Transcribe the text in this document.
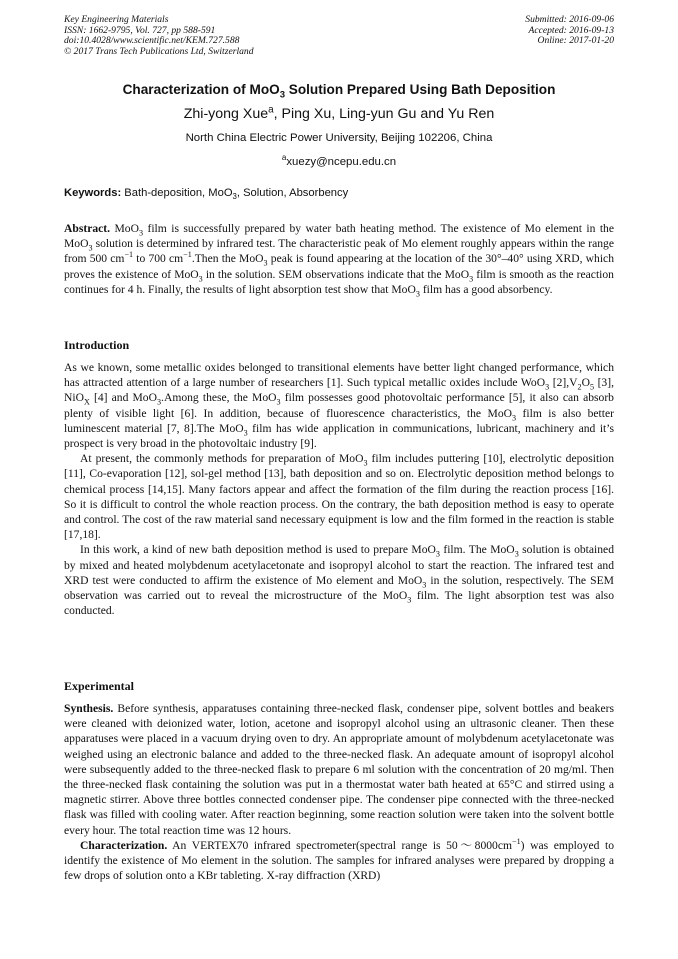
Key Engineering Materials
ISSN: 1662-9795, Vol. 727, pp 588-591
doi:10.4028/www.scientific.net/KEM.727.588
© 2017 Trans Tech Publications Ltd, Switzerland
Submitted: 2016-09-06
Accepted: 2016-09-13
Online: 2017-01-20
Characterization of MoO$_3$ Solution Prepared Using Bath Deposition
Zhi-yong Xue$^a$, Ping Xu, Ling-yun Gu and Yu Ren
North China Electric Power University, Beijing 102206, China
$^a$xuezy@ncepu.edu.cn
Keywords: Bath-deposition, MoO$_3$, Solution, Absorbency

Abstract. MoO$_3$ film is successfully prepared by water bath heating method. The existence of Mo element in the MoO$_3$ solution is determined by infrared test. The characteristic peak of Mo element roughly appears within the range from 500 $cm^{-1}$ to 700 $cm^{-1}.Then$ the MoO$_3$ peak is found appearing at the location of the 30°–40° using XRD, which proves the existence of MoO$_3$ in the solution. SEM observations indicate that the MoO$_3$ film is smooth as the reaction continues for 4 h. Finally, the results of light absorption test show that MoO$_3$ film has a good absorbency.

Introduction

As we known, some metallic oxides belonged to transitional elements have better light changed performance, which has attracted attention of a large number of researchers [1]. Such typical metallic oxides include WoO$_3$ $[2],V_2O_5$ [3], NiO$_X$ [4] and MoO$_3$.Among these, the MoO$_3$ film possesses good photovoltaic performance [5], it also can absorb plenty of visible light [6]. In addition, because of fluorescence characteristics, the MoO$_3$ film is also better luminescent material [7, 8].The MoO$_3$ film has wide application in communications, lubricant, machinery and it’s prospect is very broad in the photovoltaic industry [9].

At present, the commonly methods for preparation of MoO$_3$ film includes puttering [10], electrolytic deposition [11], Co-evaporation [12], sol-gel method [13], bath deposition and so on. Electrolytic deposition method belongs to chemical process [14,15]. Many factors appear and affect the formation of the film during the reaction process [16]. So it is difficult to control the whole reaction process. On the contrary, the bath deposition method is easy to operate and control. The cost of the raw material sand necessary equipment is low and the film formed in the reaction is stable [17,18].

In this work, a kind of new bath deposition method is used to prepare MoO$_3$ film. The MoO$_3$ solution is obtained by mixed and heated molybdenum acetylacetonate and isopropyl alcohol to start the reaction. The infrared test and XRD test were conducted to affirm the existence of Mo element and MoO$_3$ in the solution, respectively. The SEM observation was carried out to reveal the microstructure of the MoO$_3$ film. The light absorption test was also conducted.

Experimental

Synthesis. Before synthesis, apparatuses containing three-necked flask, condenser pipe, solvent bottles and beakers were cleaned with deionized water, lotion, acetone and isopropyl alcohol using an ultrasonic cleaner. Then these apparatuses were placed in a vacuum drying oven to dry. An appropriate amount of molybdenum acetylacetonate was weighed using an electronic balance and added to the three-necked flask. An adequate amount of isopropyl alcohol were subsequently added to the three-necked flask to prepare 6 ml solution with the concentration of 20 mg/ml. Then the three-necked flask containing the solution was put in a thermostat water bath heated at 65°C and stirred using a magnetic stirrer. Above three bottles connected condenser pipe. The condenser pipe connected with the three-necked flask was filled with cooling water. After reaction beginning, some reaction solution were taken into the solvent bottle every hour. The total reaction time was 12 hours.

Characterization. An VERTEX70 infrared spectrometer(spectral range is $50\sim 8000cm^{-1}$) was employed to identify the existence of Mo element in the solution. The samples for infrared analyses were prepared by dropping a few drops of solution onto a KBr tableting. X-ray diffraction (XRD)
